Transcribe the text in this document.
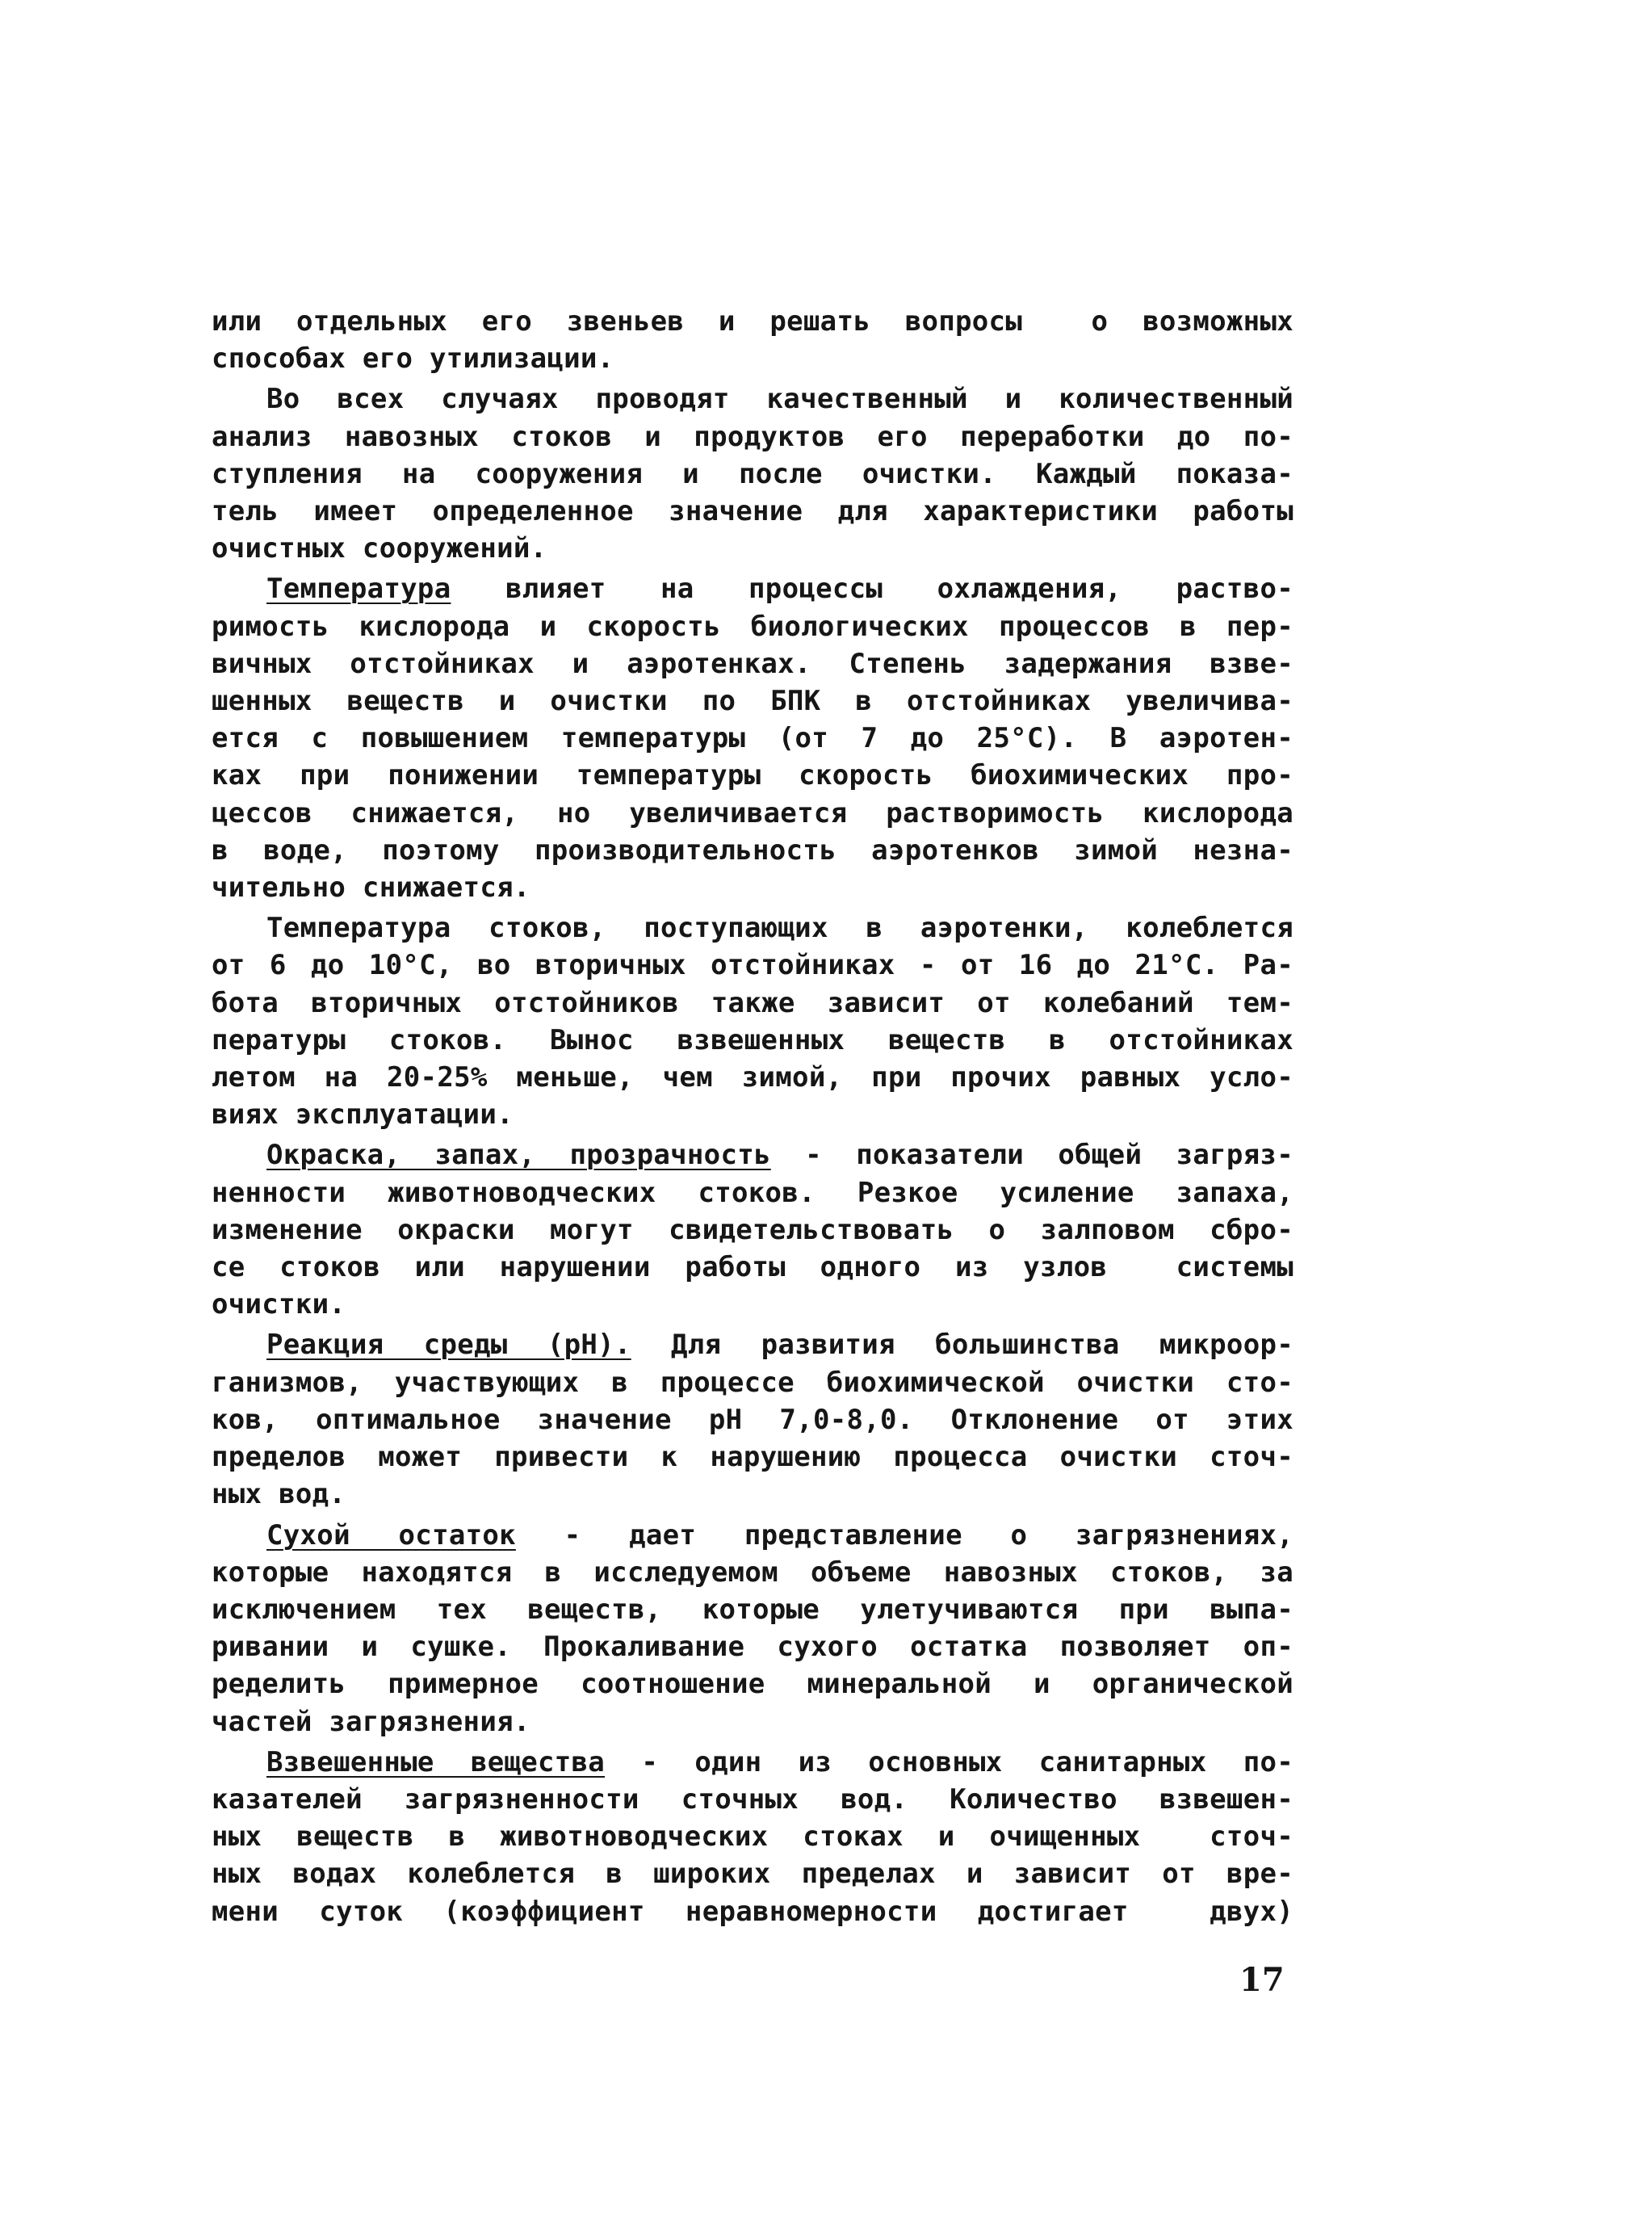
или отдельных его звеньев и решать вопросы  о возможных
способах его утилизации.

Во всех случаях проводят качественный и количественный
анализ навозных стоков и продуктов его переработки до по-
ступления на сооружения и после очистки. Каждый показа-
тель имеет определенное значение для характеристики работы
очистных сооружений.

Температура влияет на процессы охлаждения, раство-
римость кислорода и скорость биологических процессов в пер-
вичных отстойниках и аэротенках. Степень задержания взве-
шенных веществ и очистки по БПК в отстойниках увеличива-
ется с повышением температуры (от 7 до 25°С). В аэротен-
ках при понижении температуры скорость биохимических про-
цессов снижается, но увеличивается растворимость кислорода
в воде, поэтому производительность аэротенков зимой незна-
чительно снижается.

Температура стоков, поступающих в аэротенки, колеблется
от 6 до 10°С, во вторичных отстойниках - от 16 до 21°С. Ра-
бота вторичных отстойников также зависит от колебаний тем-
пературы стоков. Вынос взвешенных веществ в отстойниках
летом на 20-25% меньше, чем зимой, при прочих равных усло-
виях эксплуатации.

Окраска, запах, прозрачность - показатели общей загряз-
ненности животноводческих стоков. Резкое усиление запаха,
изменение окраски могут свидетельствовать о залповом сбро-
се стоков или нарушении работы одного из узлов  системы
очистки.

Реакция среды (pH). Для развития большинства микроор-
ганизмов, участвующих в процессе биохимической очистки сто-
ков, оптимальное значение pH 7,0-8,0. Отклонение от этих
пределов может привести к нарушению процесса очистки сточ-
ных вод.

Сухой остаток - дает представление о загрязнениях,
которые находятся в исследуемом объеме навозных стоков, за
исключением тех веществ, которые улетучиваются при выпа-
ривании и сушке. Прокаливание сухого остатка позволяет оп-
ределить примерное соотношение минеральной и органической
частей загрязнения.

Взвешенные вещества - один из основных санитарных по-
казателей загрязненности сточных вод. Количество взвешен-
ных веществ в животноводческих стоках и очищенных  сточ-
ных водах колеблется в широких пределах и зависит от вре-
мени суток (коэффициент неравномерности достигает  двух)

17
